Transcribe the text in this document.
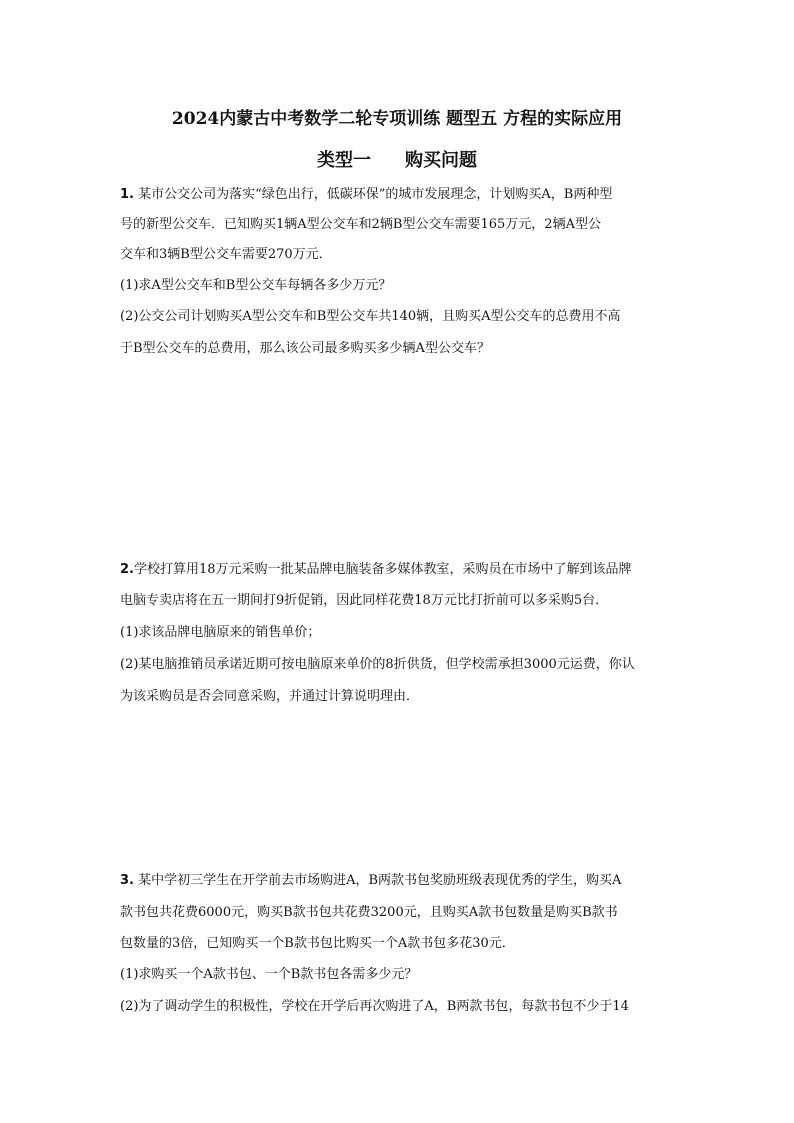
2024内蒙古中考数学二轮专项训练 题型五 方程的实际应用
类型一 购买问题
1. 某市公交公司为落实“绿色出行，低碳环保”的城市发展理念，计划购买A，B两种型
号的新型公交车．已知购买1辆A型公交车和2辆B型公交车需要165万元，2辆A型公
交车和3辆B型公交车需要270万元．
(1)求A型公交车和B型公交车每辆各多少万元？
(2)公交公司计划购买A型公交车和B型公交车共140辆，且购买A型公交车的总费用不高
于B型公交车的总费用，那么该公司最多购买多少辆A型公交车？
2.学校打算用18万元采购一批某品牌电脑装备多媒体教室，采购员在市场中了解到该品牌
电脑专卖店将在五一期间打9折促销，因此同样花费18万元比打折前可以多采购5台．
(1)求该品牌电脑原来的销售单价；
(2)某电脑推销员承诺近期可按电脑原来单价的8折供货，但学校需承担3000元运费，你认
为该采购员是否会同意采购，并通过计算说明理由．
3. 某中学初三学生在开学前去市场购进A，B两款书包奖励班级表现优秀的学生，购买A
款书包共花费6000元，购买B款书包共花费3200元，且购买A款书包数量是购买B款书
包数量的3倍，已知购买一个B款书包比购买一个A款书包多花30元．
(1)求购买一个A款书包、一个B款书包各需多少元？
(2)为了调动学生的积极性，学校在开学后再次购进了A，B两款书包，每款书包不少于14
